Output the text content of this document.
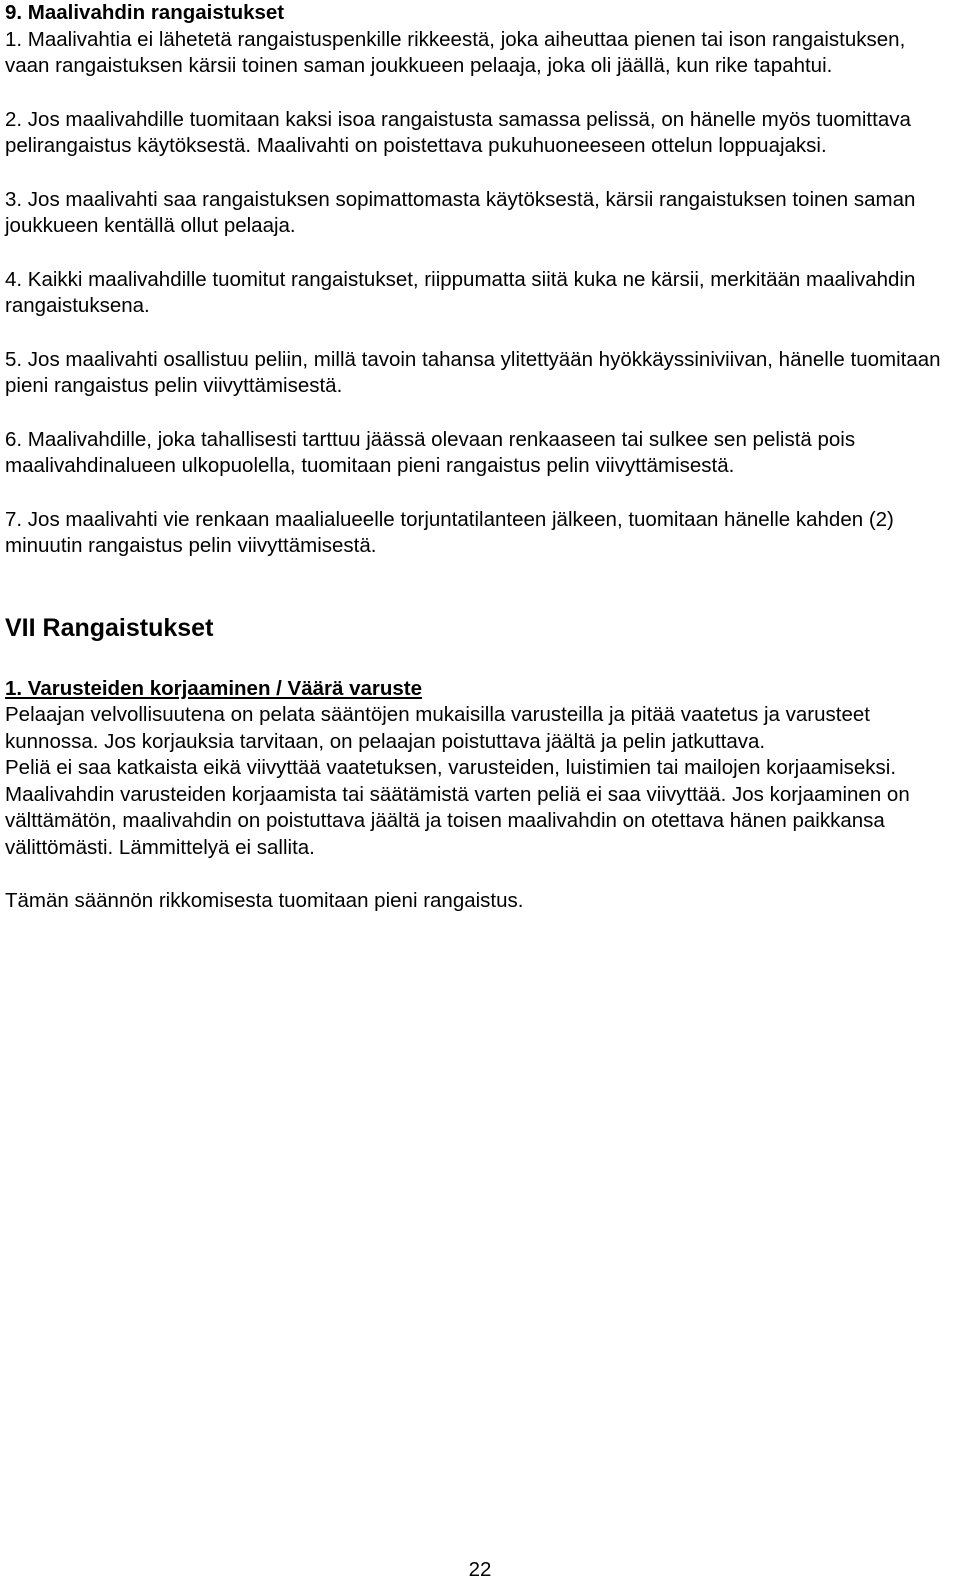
9. Maalivahdin rangaistukset

1. Maalivahtia ei lähetetä rangaistuspenkille rikkeestä, joka aiheuttaa pienen tai ison rangaistuksen, vaan rangaistuksen kärsii toinen saman joukkueen pelaaja, joka oli jäällä, kun rike tapahtui.

2. Jos maalivahdille tuomitaan kaksi isoa rangaistusta samassa pelissä, on hänelle myös tuomittava pelirangaistus käytöksestä. Maalivahti on poistettava pukuhuoneeseen ottelun loppuajaksi.

3. Jos maalivahti saa rangaistuksen sopimattomasta käytöksestä, kärsii rangaistuksen toinen saman joukkueen kentällä ollut pelaaja.

4. Kaikki maalivahdille tuomitut rangaistukset, riippumatta siitä kuka ne kärsii, merkitään maalivahdin rangaistuksena.

5. Jos maalivahti osallistuu peliin, millä tavoin tahansa ylitettyään hyökkäyssiniviivan, hänelle tuomitaan pieni rangaistus pelin viivyttämisestä.

6. Maalivahdille, joka tahallisesti tarttuu jäässä olevaan renkaaseen tai sulkee sen pelistä pois maalivahdinalueen ulkopuolella, tuomitaan pieni rangaistus pelin viivyttämisestä.

7. Jos maalivahti vie renkaan maalialueelle torjuntatilanteen jälkeen, tuomitaan hänelle kahden (2) minuutin rangaistus pelin viivyttämisestä.

VII Rangaistukset

1. Varusteiden korjaaminen / Väärä varuste

Pelaajan velvollisuutena on pelata sääntöjen mukaisilla varusteilla ja pitää vaatetus ja varusteet kunnossa. Jos korjauksia tarvitaan, on pelaajan poistuttava jäältä ja pelin jatkuttava.

Peliä ei saa katkaista eikä viivyttää vaatetuksen, varusteiden, luistimien tai mailojen korjaamiseksi.

Maalivahdin varusteiden korjaamista tai säätämistä varten peliä ei saa viivyttää. Jos korjaaminen on välttämätön, maalivahdin on poistuttava jäältä ja toisen maalivahdin on otettava hänen paikkansa välittömästi. Lämmittelyä ei sallita.

Tämän säännön rikkomisesta tuomitaan pieni rangaistus.

22
